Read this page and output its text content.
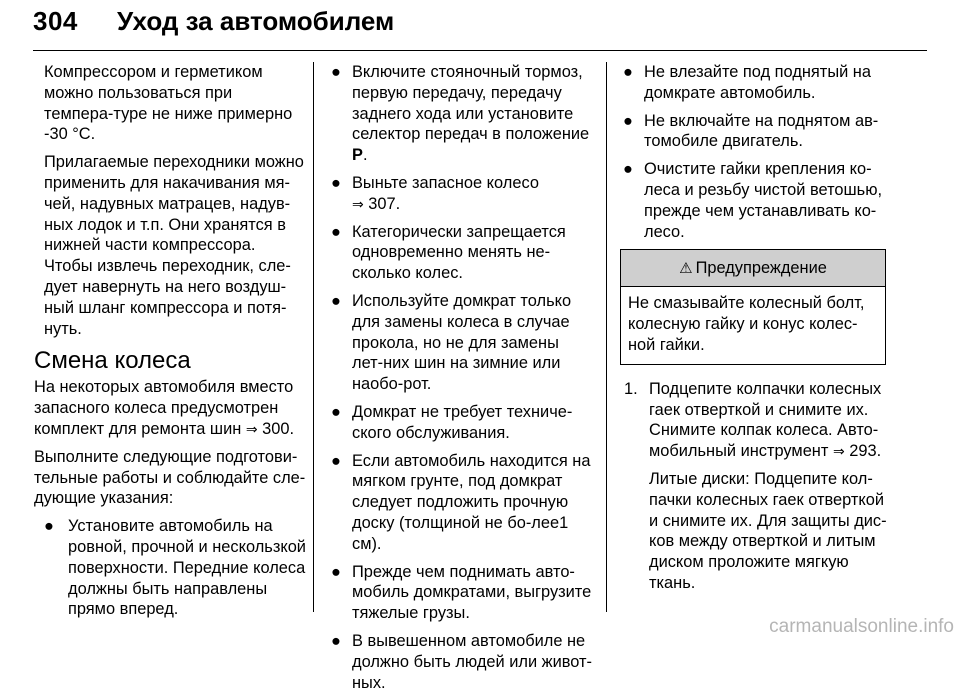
304 Уход за автомобилем

Компрессором и герметиком можно пользоваться при темпера‐туре не ниже примерно -30 °C.

Прилагаемые переходники можно применить для накачивания мя‐чей, надувных матрацев, надув‐ных лодок и т.п. Они хранятся в нижней части компрессора. Чтобы извлечь переходник, сле‐дует навернуть на него воздуш‐ный шланг компрессора и потя‐нуть.

Смена колеса

На некоторых автомобиля вместо запасного колеса предусмотрен комплект для ремонта шин ⇒ 300.

Выполните следующие подготови‐тельные работы и соблюдайте сле‐дующие указания:

● Установите автомобиль на ровной, прочной и нескользкой поверхности. Передние колеса должны быть направлены прямо вперед.
● Включите стояночный тормоз, первую передачу, передачу заднего хода или установите селектор передач в положение P.
● Выньте запасное колесо
⇒ 307.
● Категорически запрещается одновременно менять не‐сколько колес.
● Используйте домкрат только для замены колеса в случае прокола, но не для замены лет‐них шин на зимние или наобо‐рот.
● Домкрат не требует техниче‐ского обслуживания.
● Если автомобиль находится на мягком грунте, под домкрат следует подложить прочную доску (толщиной не бо‐лее1 см).
● Прежде чем поднимать авто‐мобиль домкратами, выгрузите тяжелые грузы.
● В вывешенном автомобиле не должно быть людей или живот‐ных.
● Не влезайте под поднятый на домкрате автомобиль.
● Не включайте на поднятом ав‐томобиле двигатель.
● Очистите гайки крепления ко‐леса и резьбу чистой ветошью, прежде чем устанавливать ко‐лесо.
⚠ Предупреждение
Не смазывайте колесный болт, колесную гайку и конус колес‐ной гайки.
1. Подцепите колпачки колесных гаек отверткой и снимите их. Снимите колпак колеса. Авто‐мобильный инструмент ⇒ 293.

Литые диски: Подцепите кол‐пачки колесных гаек отверткой и снимите их. Для защиты дис‐ков между отверткой и литым диском проложите мягкую ткань.

carmanualsonline.info
